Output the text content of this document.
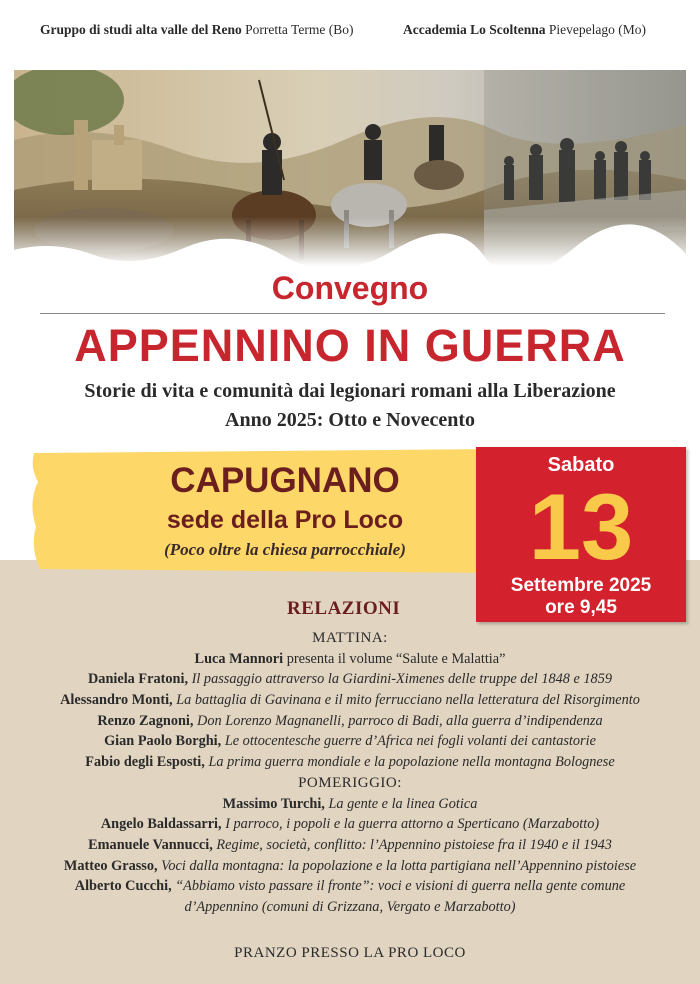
Gruppo di studi alta valle del Reno Porretta Terme (Bo)	Accademia Lo Scoltenna Pievepelago (Mo)
Convegno
APPENNINO IN GUERRA
Storie di vita e comunità dai legionari romani alla Liberazione
Anno 2025: Otto e Novecento
CAPUGNANO
sede della Pro Loco
(Poco oltre la chiesa parrocchiale)
Sabato
13
Settembre 2025
ore 9,45
RELAZIONI
MATTINA:
Luca Mannori presenta il volume “Salute e Malattia”
Daniela Fratoni, Il passaggio attraverso la Giardini-Ximenes delle truppe del 1848 e 1859
Alessandro Monti, La battaglia di Gavinana e il mito ferrucciano nella letteratura del Risorgimento
Renzo Zagnoni, Don Lorenzo Magnanelli, parroco di Badi, alla guerra d’indipendenza
Gian Paolo Borghi, Le ottocentesche guerre d’Africa nei fogli volanti dei cantastorie
Fabio degli Esposti, La prima guerra mondiale e la popolazione nella montagna Bolognese
POMERIGGIO:
Massimo Turchi, La gente e la linea Gotica
Angelo Baldassarri, I parroco, i popoli e la guerra attorno a Sperticano (Marzabotto)
Emanuele Vannucci, Regime, società, conflitto: l’Appennino pistoiese fra il 1940 e il 1943
Matteo Grasso, Voci dalla montagna: la popolazione e la lotta partigiana nell’Appennino pistoiese
Alberto Cucchi, “Abbiamo visto passare il fronte”: voci e visioni di guerra nella gente comune
d’Appennino (comuni di Grizzana, Vergato e Marzabotto)
PRANZO PRESSO LA PRO LOCO
